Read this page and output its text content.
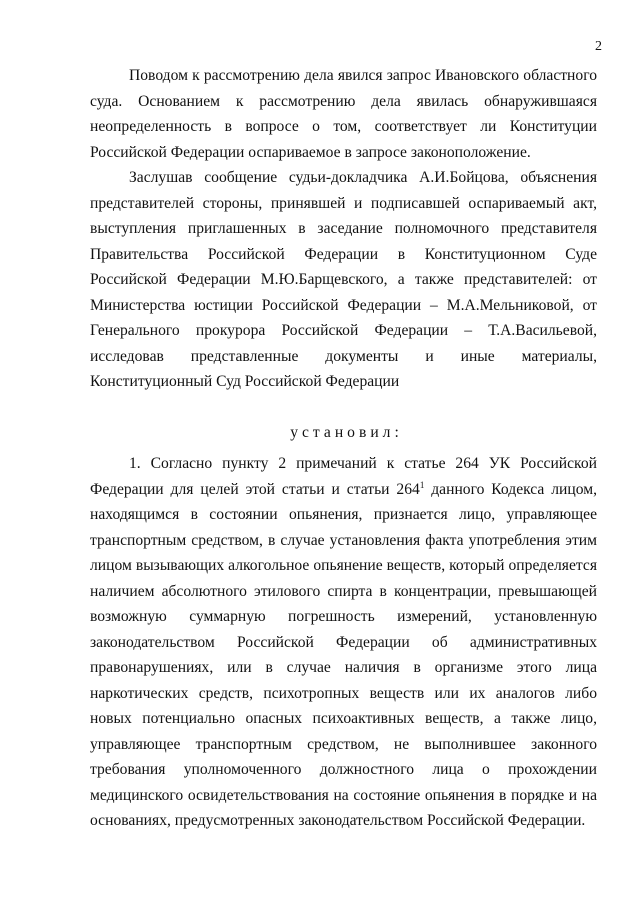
2

Поводом к рассмотрению дела явился запрос Ивановского областного суда. Основанием к рассмотрению дела явилась обнаружившаяся неопределенность в вопросе о том, соответствует ли Конституции Российской Федерации оспариваемое в запросе законоположение.

Заслушав сообщение судьи-докладчика А.И.Бойцова, объяснения представителей стороны, принявшей и подписавшей оспариваемый акт, выступления приглашенных в заседание полномочного представителя Правительства Российской Федерации в Конституционном Суде Российской Федерации М.Ю.Барщевского, а также представителей: от Министерства юстиции Российской Федерации – М.А.Мельниковой, от Генерального прокурора Российской Федерации – Т.А.Васильевой, исследовав представленные документы и иные материалы, Конституционный Суд Российской Федерации

установил:

1. Согласно пункту 2 примечаний к статье 264 УК Российской Федерации для целей этой статьи и статьи $264^1$ данного Кодекса лицом, находящимся в состоянии опьянения, признается лицо, управляющее транспортным средством, в случае установления факта употребления этим лицом вызывающих алкогольное опьянение веществ, который определяется наличием абсолютного этилового спирта в концентрации, превышающей возможную суммарную погрешность измерений, установленную законодательством Российской Федерации об административных правонарушениях, или в случае наличия в организме этого лица наркотических средств, психотропных веществ или их аналогов либо новых потенциально опасных психоактивных веществ, а также лицо, управляющее транспортным средством, не выполнившее законного требования уполномоченного должностного лица о прохождении медицинского освидетельствования на состояние опьянения в порядке и на основаниях, предусмотренных законодательством Российской Федерации.
